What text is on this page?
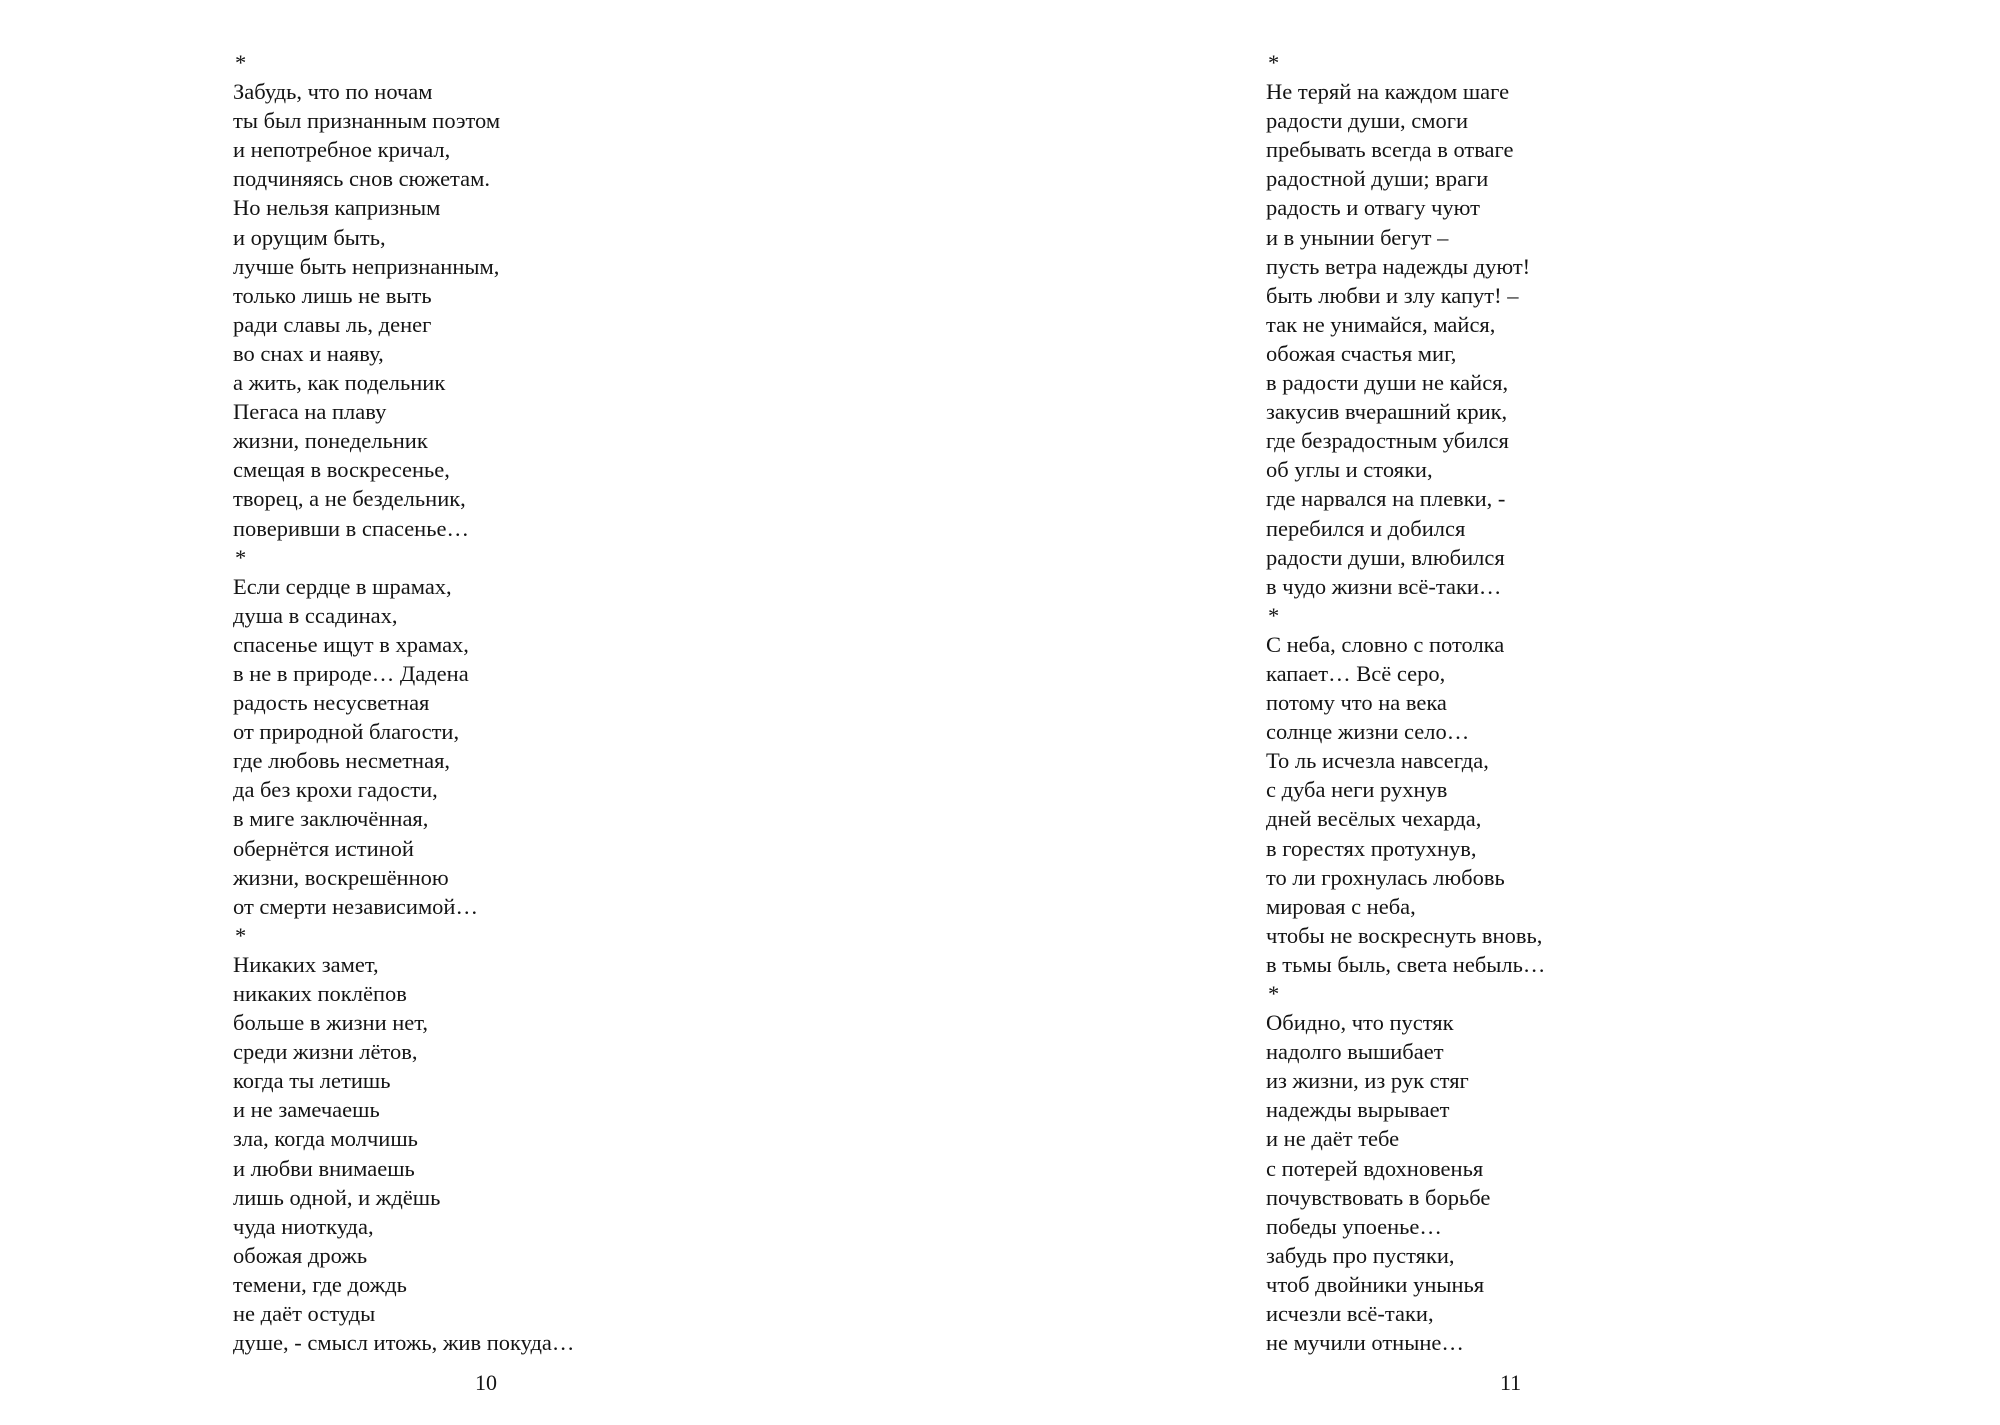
*
Забудь, что по ночам
ты был признанным поэтом
и непотребное кричал,
подчиняясь снов сюжетам.
Но нельзя капризным
и орущим быть,
лучше быть непризнанным,
только лишь не выть
ради славы ль, денег
во снах и наяву,
а жить, как подельник
Пегаса на плаву
жизни, понедельник
смещая в воскресенье,
творец, а не бездельник,
поверивши в спасенье…
*
Если сердце в шрамах,
душа в ссадинах,
спасенье ищут в храмах,
в не в природе… Дадена
радость несусветная
от природной благости,
где любовь несметная,
да без крохи гадости,
в миге заключённая,
обернётся истиной
жизни, воскрешённою
от смерти независимой…
*
Никаких замет,
никаких поклёпов
больше в жизни нет,
среди жизни лётов,
когда ты летишь
и не замечаешь
зла, когда молчишь
и любви внимаешь
лишь одной, и ждёшь
чуда ниоткуда,
обожая дрожь
темени, где дождь
не даёт остуды
душе, - смысл итожь, жив покуда…
10
*
Не теряй на каждом шаге
радости души, смоги
пребывать всегда в отваге
радостной души; враги
радость и отвагу чуют
и в унынии бегут –
пусть ветра надежды дуют!
быть любви и злу капут! –
так не унимайся, майся,
обожая счастья миг,
в радости души не кайся,
закусив вчерашний крик,
где безрадостным убился
об углы и стояки,
где нарвался на плевки, -
перебился и добился
радости души, влюбился
в чудо жизни всё-таки…
*
С неба, словно с потолка
капает… Всё серо,
потому что на века
солнце жизни село…
То ль исчезла навсегда,
с дуба неги рухнув
дней весёлых чехарда,
в горестях протухнув,
то ли грохнулась любовь
мировая с неба,
чтобы не воскреснуть вновь,
в тьмы быль, света небыль…
*
Обидно, что пустяк
надолго вышибает
из жизни, из рук стяг
надежды вырывает
и не даёт тебе
с потерей вдохновенья
почувствовать в борьбе
победы упоенье…
забудь про пустяки,
чтоб двойники унынья
исчезли всё-таки,
не мучили отныне…
11
